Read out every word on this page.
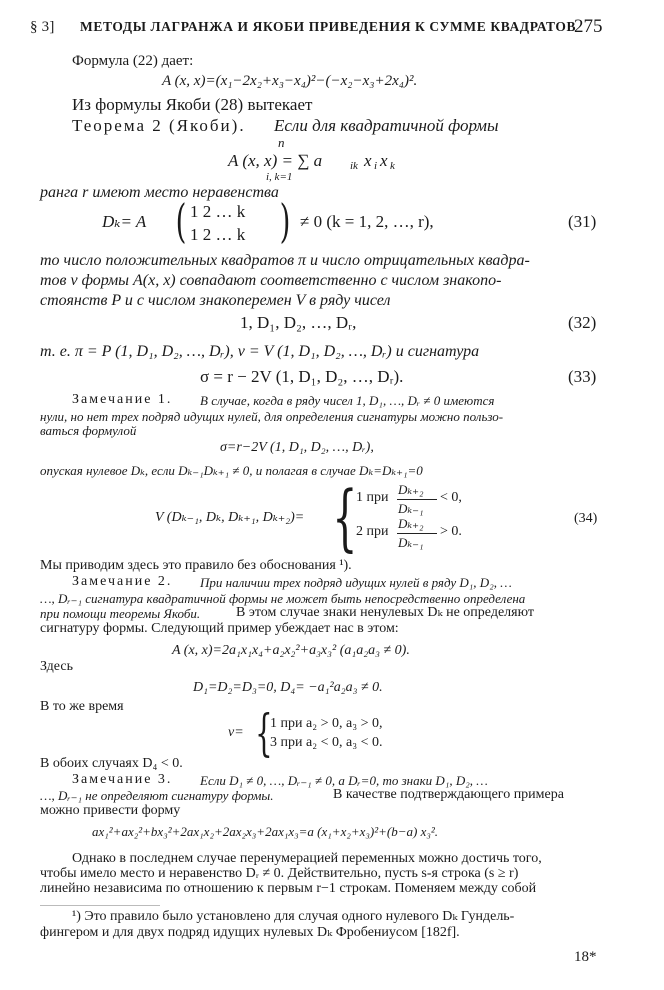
§ 3] МЕТОДЫ ЛАГРАНЖА И ЯКОБИ ПРИВЕДЕНИЯ К СУММЕ КВАДРАТОВ
275
Формула (22) дает:
A (x, x)=(x₁−2x₂+x₃−x₄)²−(−x₂−x₃+2x₄)².
Из формулы Якоби (28) вытекает
Теорема 2 (Якоби). Если для квадратичной формы
n
A (x, x) = ∑ a	ik x i x k
i, k=1
ранга r имеют место неравенства
Dₖ= A ( 1 2 … k
1 2 … k ) ≠ 0 (k = 1, 2, …, r),	(31)
то число положительных квадратов π и число отрицательных квадра-
тов ν формы A(x, x) совпадают соответственно с числом знакопо-
стоянств P и с числом знакоперемен V в ряду чисел
1, D₁, D₂, …, Dᵣ,	(32)
т. е. π = P (1, D₁, D₂, …, Dᵣ), ν = V (1, D₁, D₂, …, Dᵣ) и сигнатура
σ = r − 2V (1, D₁, D₂, …, Dᵣ).	(33)
Замечание 1. В случае, когда в ряду чисел 1, D₁, …, Dᵣ ≠ 0 имеются
нули, но нет трех подряд идущих нулей, для определения сигнатуры можно пользо-
ваться формулой
σ=r−2V (1, D₁, D₂, …, Dᵣ),
опуская нулевое Dₖ, если Dₖ₋₁Dₖ₊₁ ≠ 0, и полагая в случае Dₖ=Dₖ₊₁=0
V (Dₖ₋₁, Dₖ, Dₖ₊₁, Dₖ₊₂)= {
1 при
Dₖ₊₂
Dₖ₋₁
< 0,
2 при
Dₖ₊₂
Dₖ₋₁
> 0.
(34)
Мы приводим здесь это правило без обоснования ¹).
Замечание 2. При наличии трех подряд идущих нулей в ряду D₁, D₂, …
…, Dᵣ₋₁ сигнатура квадратичной формы не может быть непосредственно определена
при помощи теоремы Якоби.	В этом случае знаки ненулевых Dₖ не определяют
сигнатуру формы. Следующий пример убеждает нас в этом:
A (x, x)=2a₁x₁x₄+a₂x₂²+a₃x₃² (a₁a₂a₃ ≠ 0).
Здесь
D₁=D₂=D₃=0, D₄= −a₁²a₂a₃ ≠ 0.
В то же время
ν= {
1 при a₂ > 0, a₃ > 0,
3 при a₂ < 0, a₃ < 0.
В обоих случаях D₄ < 0.
Замечание 3. Если D₁ ≠ 0, …, Dᵣ₋₁ ≠ 0, а Dᵣ=0, то знаки D₁, D₂, …
…, Dᵣ₋₁ не определяют сигнатуру формы.	В качестве подтверждающего примера
можно привести форму
ax₁²+ax₂²+bx₃²+2ax₁x₂+2ax₂x₃+2ax₁x₃=a (x₁+x₂+x₃)²+(b−a) x₃².
Однако в последнем случае перенумерацией переменных можно достичь того,
чтобы имело место и неравенство Dᵣ ≠ 0. Действительно, пусть s-я строка (s ≥ r)
линейно независима по отношению к первым r−1 строкам. Поменяем между собой
¹) Это правило было установлено для случая одного нулевого Dₖ Гундель-
фингером и для двух подряд идущих нулевых Dₖ Фробениусом [182f].
18*
